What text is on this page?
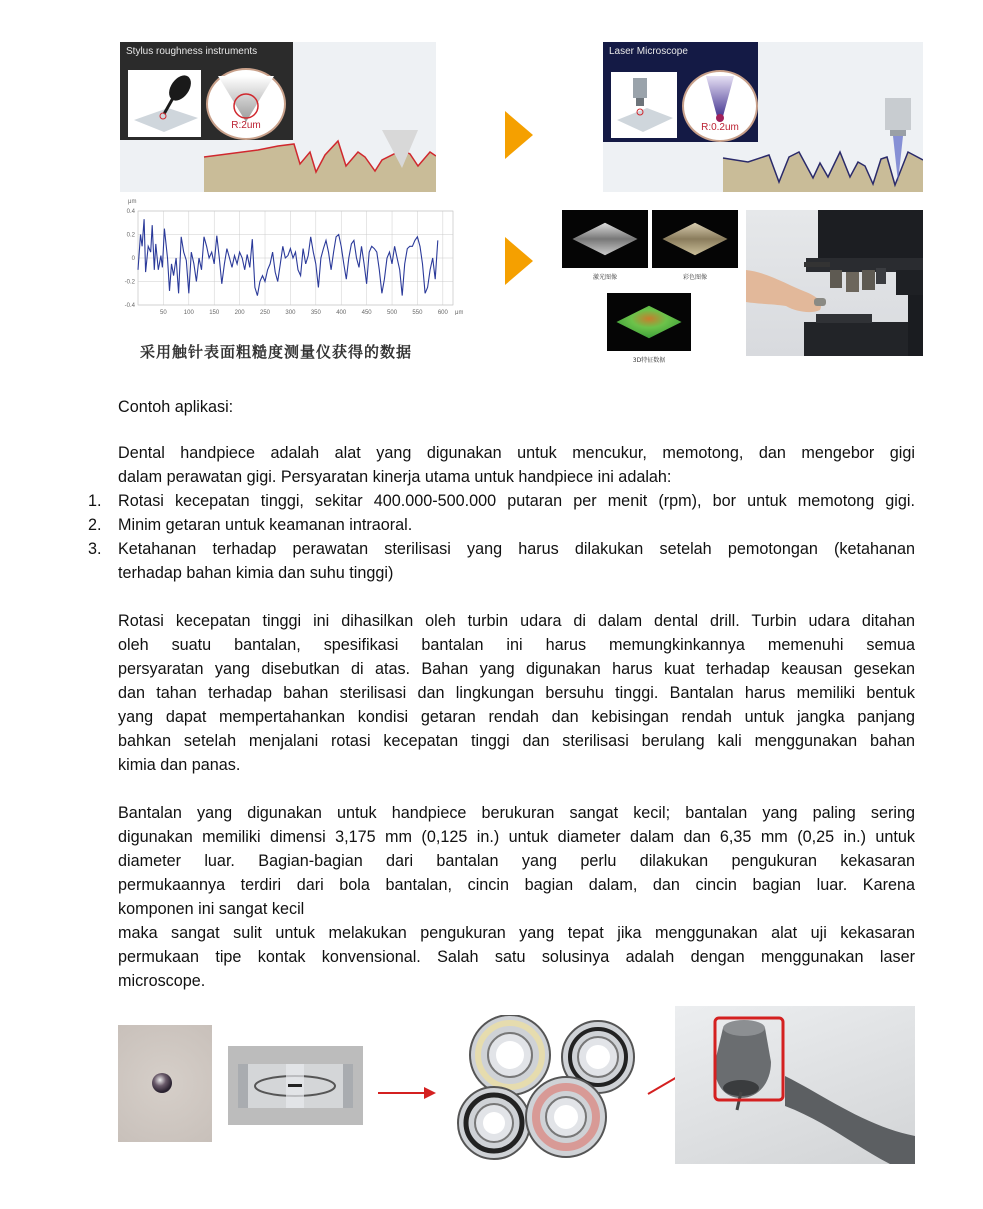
Stylus roughness instruments
R:2um
Laser Microscope
R:0.2um
0.4
0.2
0
-0.2
-0.4
50	100	150	200	250	300	350	400	450	500	550	600
μm
μm
采用触针表面粗糙度测量仪获得的数据
激光图像	彩色图像
3D特征数据
Contoh aplikasi:
Dental handpiece adalah alat yang digunakan untuk mencukur, memotong, dan mengebor gigi
dalam perawatan gigi. Persyaratan kinerja utama untuk handpiece ini adalah:
1. Rotasi kecepatan tinggi, sekitar 400.000-500.000 putaran per menit (rpm), bor untuk memotong gigi.
2. Minim getaran untuk keamanan intraoral.
3. Ketahanan terhadap perawatan sterilisasi yang harus dilakukan setelah pemotongan (ketahanan
terhadap bahan kimia dan suhu tinggi)
Rotasi kecepatan tinggi ini dihasilkan oleh turbin udara di dalam dental drill. Turbin udara ditahan
oleh suatu bantalan, spesifikasi bantalan ini harus memungkinkannya memenuhi semua
persyaratan yang disebutkan di atas. Bahan yang digunakan harus kuat terhadap keausan gesekan
dan tahan terhadap bahan sterilisasi dan lingkungan bersuhu tinggi. Bantalan harus memiliki bentuk
yang dapat mempertahankan kondisi getaran rendah dan kebisingan rendah untuk jangka panjang
bahkan setelah menjalani rotasi kecepatan tinggi dan sterilisasi berulang kali menggunakan bahan
kimia dan panas.
Bantalan yang digunakan untuk handpiece berukuran sangat kecil; bantalan yang paling sering
digunakan memiliki dimensi 3,175 mm (0,125 in.) untuk diameter dalam dan 6,35 mm (0,25 in.) untuk
diameter luar. Bagian-bagian dari bantalan yang perlu dilakukan pengukuran kekasaran
permukaannya terdiri dari bola bantalan, cincin bagian dalam, dan cincin bagian luar. Karena
komponen ini sangat kecil
maka sangat sulit untuk melakukan pengukuran yang tepat jika menggunakan alat uji kekasaran
permukaan tipe kontak konvensional. Salah satu solusinya adalah dengan menggunakan laser
microscope.
